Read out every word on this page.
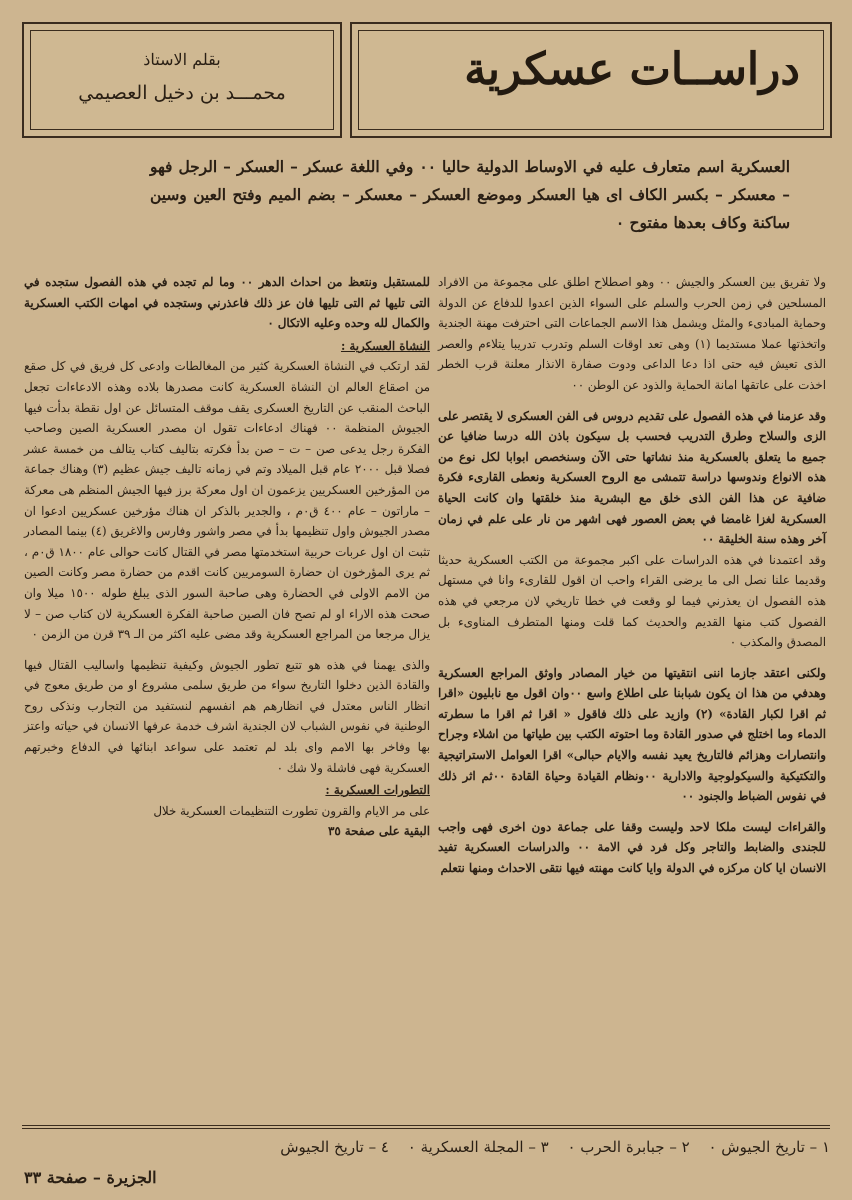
دراســات عسكرية
بقلم الاستاذ
محمـــد بن دخيل العصيمي
العسكرية اسم متعارف عليه في الاوساط الدولية حاليا ٠٠ وفي اللغة عسكر – العسكر – الرجل فهو – معسكر – بكسر الكاف اى هيا العسكر وموضع العسكر – معسكر – بضم الميم وفتح العين وسين ساكنة وكاف بعدها مفتوح ٠

ولا تفريق بين العسكر والجيش ٠٠ وهو اصطلاح اطلق على مجموعة من الافراد المسلحين في زمن الحرب والسلم على السواء الذين اعدوا للدفاع عن الدولة وحماية المبادىء والمثل ويشمل هذا الاسم الجماعات التى احترفت مهنة الجندية واتخذتها عملا مستديما (١) وهى تعد اوقات السلم وتدرب تدريبا يتلاءم والعصر الذى تعيش فيه حتى اذا دعا الداعى ودوت صفارة الانذار معلنة قرب الخطر اخذت على عاتقها امانة الحماية والذود عن الوطن ٠٠

وقد عزمنا في هذه الفصول على تقديم دروس فى الفن العسكرى لا يقتصر على الزى والسلاح وطرق التدريب فحسب بل سيكون باذن الله درسا ضافيا عن جميع ما يتعلق بالعسكرية منذ نشاتها حتى الآن وسنخصص ابوابا لكل نوع من هذه الانواع وندوسها دراسة تتمشى مع الروح العسكرية ونعطى القارىء فكرة ضافية عن هذا الفن الذى خلق مع البشرية منذ خلقتها وان كانت الحياة العسكرية لغزا غامضا في بعض العصور فهى اشهر من نار على علم في زمان آخر وهذه سنة الخليقة ٠٠

وقد اعتمدنا في هذه الدراسات على اكبر مجموعة من الكتب العسكرية حديثا وقديما علنا نصل الى ما يرضى القراء واحب ان اقول للقارىء وانا في مستهل هذه الفصول ان يعذرني فيما لو وقعت في خطا تاريخي لان مرجعي في هذه الفصول كتب منها القديم والحديث كما قلت ومنها المتطرف المناوىء بل المصدق والمكذب ٠

ولكنى اعتقد جازما اننى انتقيتها من خيار المصادر واوثق المراجع العسكرية وهدفي من هذا ان يكون شبابنا على اطلاع واسع ٠٠وان اقول مع نابليون «اقرا ثم اقرا لكبار القادة» (٢) وازيد على ذلك فاقول « اقرا ثم اقرا ما سطرته الدماء وما اختلج في صدور القادة وما احتوته الكتب بين طياتها من اشلاء وجراح وانتصارات وهزائم فالتاريخ يعيد نفسه والايام حبالى» اقرا العوامل الاستراتيجية والتكتيكية والسيكولوجية والادارية ٠٠ونظام القيادة وحياة القادة ٠٠ثم اثر ذلك في نفوس الضباط والجنود ٠٠

والقراءات ليست ملكا لاحد وليست وقفا على جماعة دون اخرى فهى واجب للجندى والضابط والتاجر وكل فرد في الامة ٠٠ والدراسات العسكرية تفيد الانسان ايا كان مركزه في الدولة وايا كانت مهنته فيها نتقى الاحداث ومنها نتعلم

للمستقبل ونتعظ من احداث الدهر ٠٠ وما لم تجده في هذه الفصول ستجده في التى تليها ثم التى تليها فان عز ذلك فاعذرني وستجده في امهات الكتب العسكرية والكمال لله وحده وعليه الاتكال ٠

النشاة العسكرية :

لقد ارتكب في النشاة العسكرية كثير من المغالطات وادعى كل فريق في كل صقع من اصقاع العالم ان النشاة العسكرية كانت مصدرها بلاده وهذه الادعاءات تجعل الباحث المنقب عن التاريخ العسكرى يقف موقف المتسائل عن اول نقطة بدأت فيها الجيوش المنظمة ٠٠ فهناك ادعاءات تقول ان مصدر العسكرية الصين وصاحب الفكرة رجل يدعى صن – ت – صن بدأ فكرته بتاليف كتاب يتالف من خمسة عشر فصلا قبل ٢٠٠٠ عام قبل الميلاد وتم في زمانه تاليف جيش عظيم (٣) وهناك جماعة من المؤرخين العسكريين يزعمون ان اول معركة برز فيها الجيش المنظم هى معركة – ماراتون – عام ٤٠٠ ق٠م ، والجدير بالذكر ان هناك مؤرخين عسكريين ادعوا ان مصدر الجيوش واول تنظيمها بدأ في مصر واشور وفارس والاغريق (٤) بينما المصادر تثبت ان اول عربات حربية استخدمتها مصر في القتال كانت حوالى عام ١٨٠٠ ق٠م ، ثم يرى المؤرخون ان حضارة السومريين كانت اقدم من حضارة مصر وكانت الصين من الامم الاولى في الحضارة وهى صاحبة السور الذى يبلغ طوله ١٥٠٠ ميلا وان صحت هذه الاراء او لم تصح فان الصين صاحبة الفكرة العسكرية لان كتاب صن – لا يزال مرجعا من المراجع العسكرية وقد مضى عليه اكثر من الـ ٣٩ قرن من الزمن ٠

والذى يهمنا في هذه هو تتبع تطور الجيوش وكيفية تنظيمها واساليب القتال فيها والقادة الذين دخلوا التاريخ سواء من طريق سلمى مشروع او من طريق معوج في انظار الناس معتدل في انظارهم هم انفسهم لنستفيد من التجارب ونذكى روح الوطنية في نفوس الشباب لان الجندية اشرف خدمة عرفها الانسان في حياته واعتز بها وفاخر بها الامم واى بلد لم تعتمد على سواعد ابنائها في الدفاع وخبرتهم العسكرية فهى فاشلة ولا شك ٠

التطورات العسكرية :

على مر الايام والقرون تطورت التنظيمات العسكرية خلال

البقية على صفحة ٣٥

١ – تاريخ الجيوش ٠ ٢ – جبابرة الحرب ٠ ٣ – المجلة العسكرية ٠ ٤ – تاريخ الجيوش
الجزيرة – صفحة ٣٣
